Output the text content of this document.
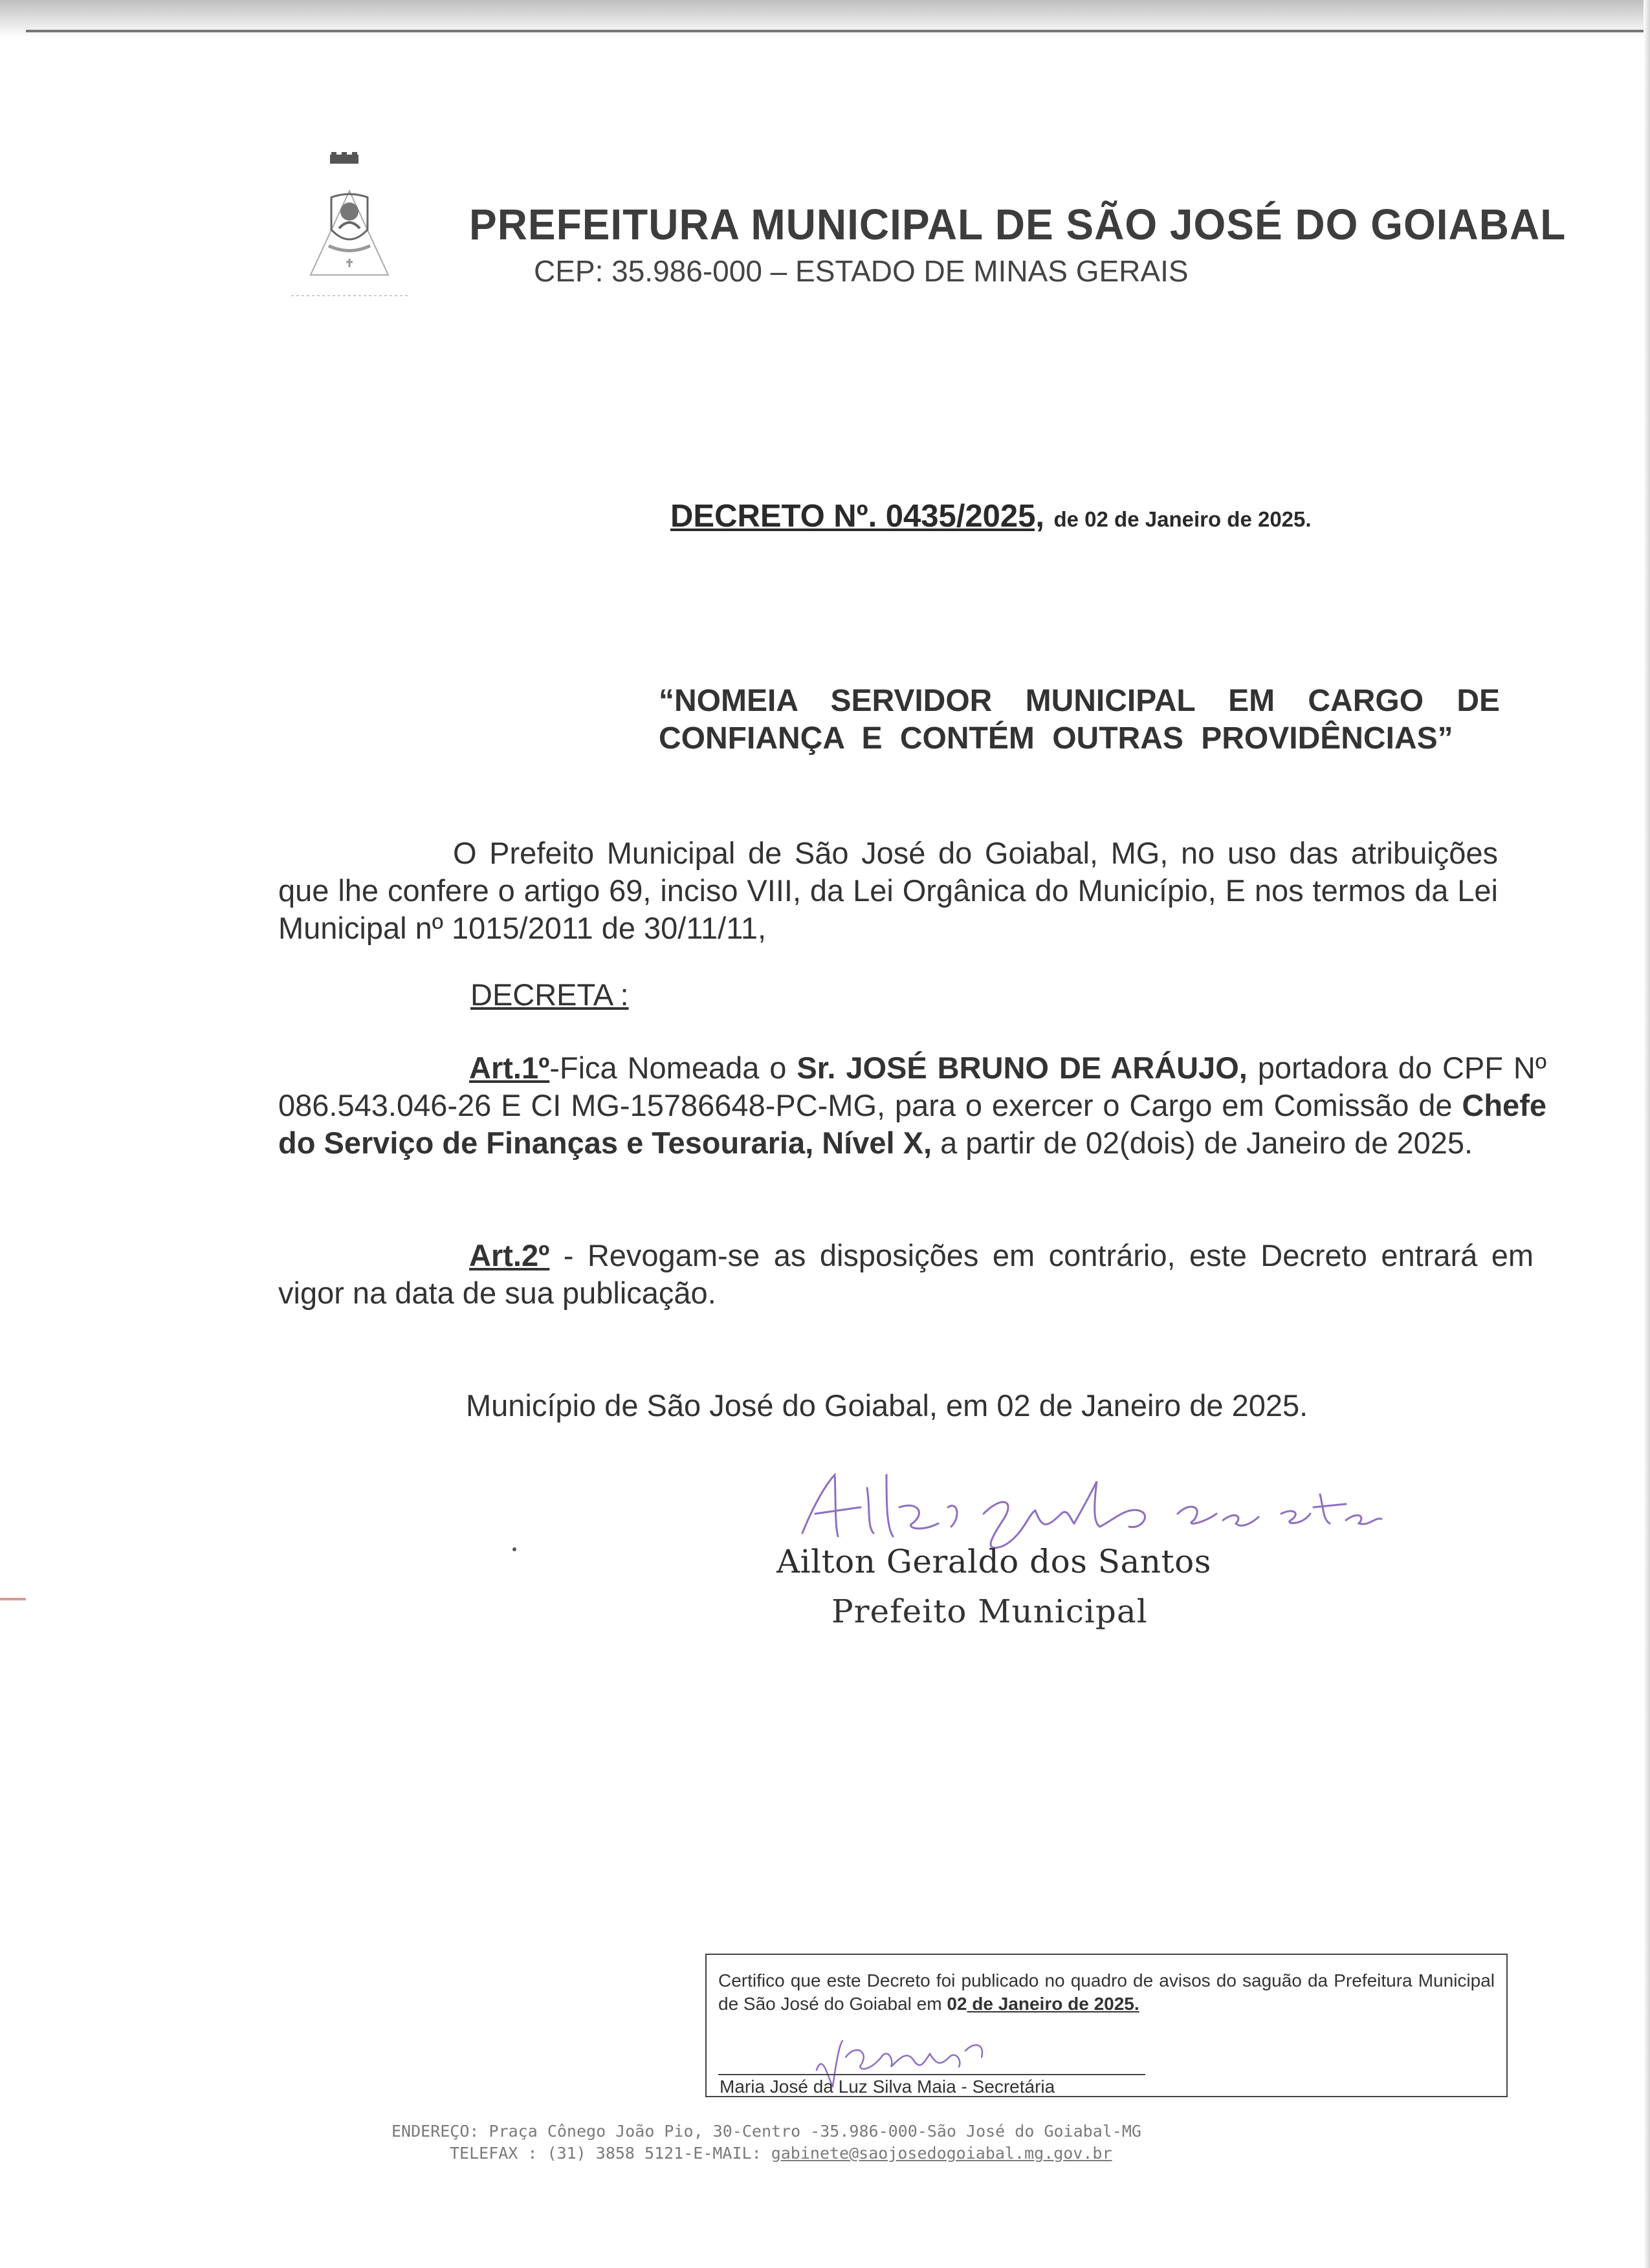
PREFEITURA MUNICIPAL DE SÃO JOSÉ DO GOIABAL
CEP: 35.986-000 – ESTADO DE MINAS GERAIS
DECRETO Nº. 0435/2025, de 02 de Janeiro de 2025.
“NOMEIA SERVIDOR MUNICIPAL EM CARGO DE
CONFIANÇA E CONTÉM OUTRAS PROVIDÊNCIAS”
O Prefeito Municipal de São José do Goiabal, MG, no uso das atribuições que lhe confere o artigo 69, inciso VIII, da Lei Orgânica do Município, E nos termos da Lei Municipal nº 1015/2011 de 30/11/11,
DECRETA :
Art.1º-Fica Nomeada o Sr. JOSÉ BRUNO DE ARÁUJO, portadora do CPF Nº 086.543.046-26 E CI MG-15786648-PC-MG, para o exercer o Cargo em Comissão de Chefe do Serviço de Finanças e Tesouraria, Nível X, a partir de 02(dois) de Janeiro de 2025.
Art.2º - Revogam-se as disposições em contrário, este Decreto entrará em vigor na data de sua publicação.
Município de São José do Goiabal, em 02 de Janeiro de 2025.
Ailton Geraldo dos Santos
Prefeito Municipal
Certifico que este Decreto foi publicado no quadro de avisos do saguão da Prefeitura Municipal de São José do Goiabal em 02 de Janeiro de 2025.
Maria José da Luz Silva Maia - Secretária
ENDEREÇO: Praça Cônego João Pio, 30-Centro -35.986-000-São José do Goiabal-MG
TELEFAX : (31) 3858 5121-E-MAIL: gabinete@saojosedogoiabal.mg.gov.br
